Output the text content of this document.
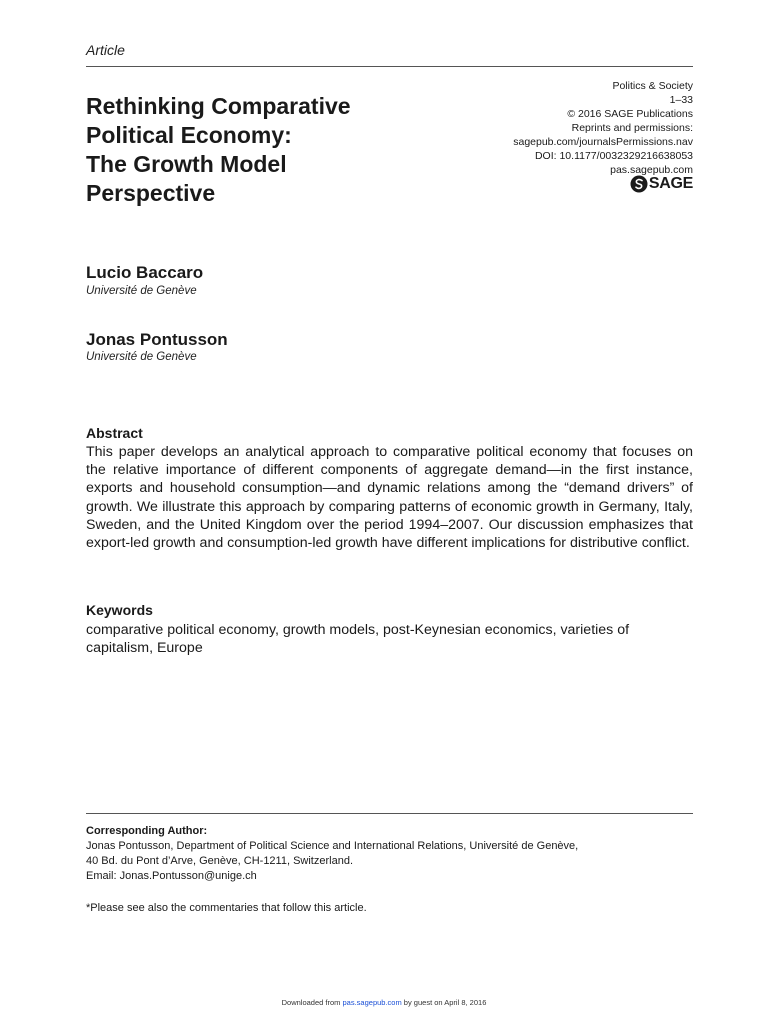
Article
Rethinking Comparative
Political Economy:
The Growth Model
Perspective
Politics & Society
1–33
© 2016 SAGE Publications
Reprints and permissions:
sagepub.com/journalsPermissions.nav
DOI: 10.1177/0032329216638053
pas.sagepub.com
SAGE
Lucio Baccaro
Université de Genève
Jonas Pontusson
Université de Genève
Abstract
This paper develops an analytical approach to comparative political economy that focuses on the relative importance of different components of aggregate demand—in the first instance, exports and household consumption—and dynamic relations among the “demand drivers” of growth. We illustrate this approach by comparing patterns of economic growth in Germany, Italy, Sweden, and the United Kingdom over the period 1994–2007. Our discussion emphasizes that export-led growth and consumption-led growth have different implications for distributive conflict.
Keywords
comparative political economy, growth models, post-Keynesian economics, varieties of capitalism, Europe
Corresponding Author:
Jonas Pontusson, Department of Political Science and International Relations, Université de Genève,
40 Bd. du Pont d’Arve, Genève, CH-1211, Switzerland.
Email: Jonas.Pontusson@unige.ch
*Please see also the commentaries that follow this article.
Downloaded from pas.sagepub.com by guest on April 8, 2016
